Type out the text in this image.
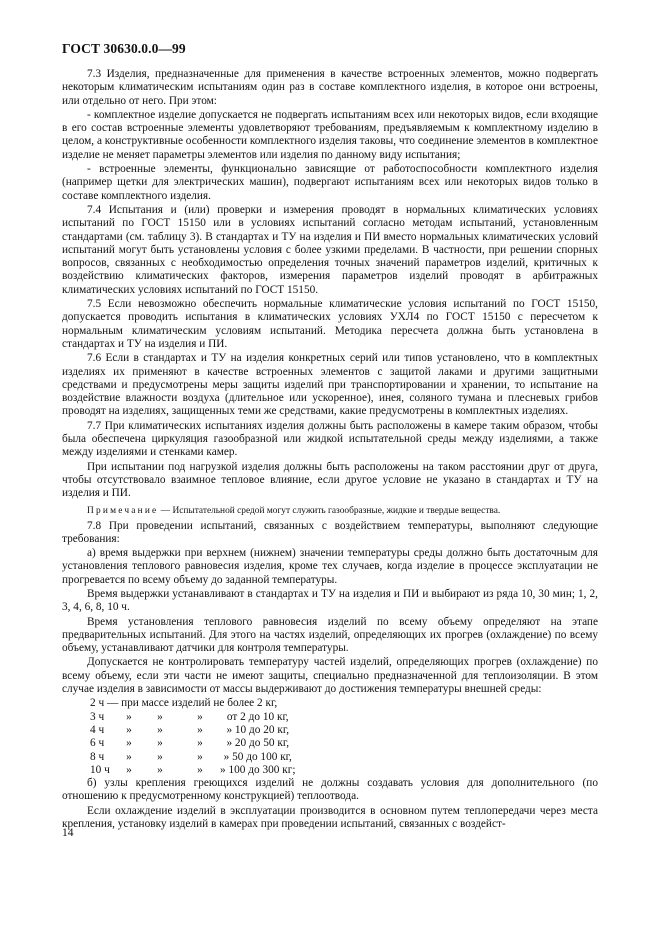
ГОСТ 30630.0.0—99

7.3 Изделия, предназначенные для применения в качестве встроенных элементов, можно подвергать некоторым климатическим испытаниям один раз в составе комплектного изделия, в которое они встроены, или отдельно от него. При этом:

- комплектное изделие допускается не подвергать испытаниям всех или некоторых видов, если входящие в его состав встроенные элементы удовлетворяют требованиям, предъявляемым к комплектному изделию в целом, а конструктивные особенности комплектного изделия таковы, что соединение элементов в комплектное изделие не меняет параметры элементов или изделия по данному виду испытания;

- встроенные элементы, функционально зависящие от работоспособности комплектного изделия (например щетки для электрических машин), подвергают испытаниям всех или некоторых видов только в составе комплектного изделия.

7.4 Испытания и (или) проверки и измерения проводят в нормальных климатических условиях испытаний по ГОСТ 15150 или в условиях испытаний согласно методам испытаний, установленным стандартами (см. таблицу 3). В стандартах и ТУ на изделия и ПИ вместо нормальных климатических условий испытаний могут быть установлены условия с более узкими пределами. В частности, при решении спорных вопросов, связанных с необходимостью определения точных значений параметров изделий, критичных к воздействию климатических факторов, измерения параметров изделий проводят в арбитражных климатических условиях испытаний по ГОСТ 15150.

7.5 Если невозможно обеспечить нормальные климатические условия испытаний по ГОСТ 15150, допускается проводить испытания в климатических условиях УХЛ4 по ГОСТ 15150 с пересчетом к нормальным климатическим условиям испытаний. Методика пересчета должна быть установлена в стандартах и ТУ на изделия и ПИ.

7.6 Если в стандартах и ТУ на изделия конкретных серий или типов установлено, что в комплектных изделиях их применяют в качестве встроенных элементов с защитой лаками и другими защитными средствами и предусмотрены меры защиты изделий при транспортировании и хранении, то испытание на воздействие влажности воздуха (длительное или ускоренное), инея, соляного тумана и плесневых грибов проводят на изделиях, защищенных теми же средствами, какие предусмотрены в комплектных изделиях.

7.7 При климатических испытаниях изделия должны быть расположены в камере таким образом, чтобы была обеспечена циркуляция газообразной или жидкой испытательной среды между изделиями, а также между изделиями и стенками камер.

При испытании под нагрузкой изделия должны быть расположены на таком расстоянии друг от друга, чтобы отсутствовало взаимное тепловое влияние, если другое условие не указано в стандартах и ТУ на изделия и ПИ.

Примечание — Испытательной средой могут служить газообразные, жидкие и твердые вещества.

7.8 При проведении испытаний, связанных с воздействием температуры, выполняют следующие требования:

а) время выдержки при верхнем (нижнем) значении температуры среды должно быть достаточным для установления теплового равновесия изделия, кроме тех случаев, когда изделие в процессе эксплуатации не прогревается по всему объему до заданной температуры.

Время выдержки устанавливают в стандартах и ТУ на изделия и ПИ и выбирают из ряда 10, 30 мин; 1, 2, 3, 4, 6, 8, 10 ч.

Время установления теплового равновесия изделий по всему объему определяют на этапе предварительных испытаний. Для этого на частях изделий, определяющих их прогрев (охлаждение) по всему объему, устанавливают датчики для контроля температуры.

Допускается не контролировать температуру частей изделий, определяющих прогрев (охлаждение) по всему объему, если эти части не имеют защиты, специально предназначенной для теплоизоляции. В этом случае изделия в зависимости от массы выдерживают до достижения температуры внешней среды:

2 ч — при массе изделий не более 2 кг,
3 ч	»	»	»	от 2 до 10 кг,
4 ч	»	»	»	» 10 до 20 кг,
6 ч	»	»	»	» 20 до 50 кг,
8 ч	»	»	»	» 50 до 100 кг,
10 ч	»	»	»	» 100 до 300 кг;

б) узлы крепления греющихся изделий не должны создавать условия для дополнительного (по отношению к предусмотренному конструкцией) теплоотвода.

Если охлаждение изделий в эксплуатации производится в основном путем теплопередачи через места крепления, установку изделий в камерах при проведении испытаний, связанных с воздейст-

14
